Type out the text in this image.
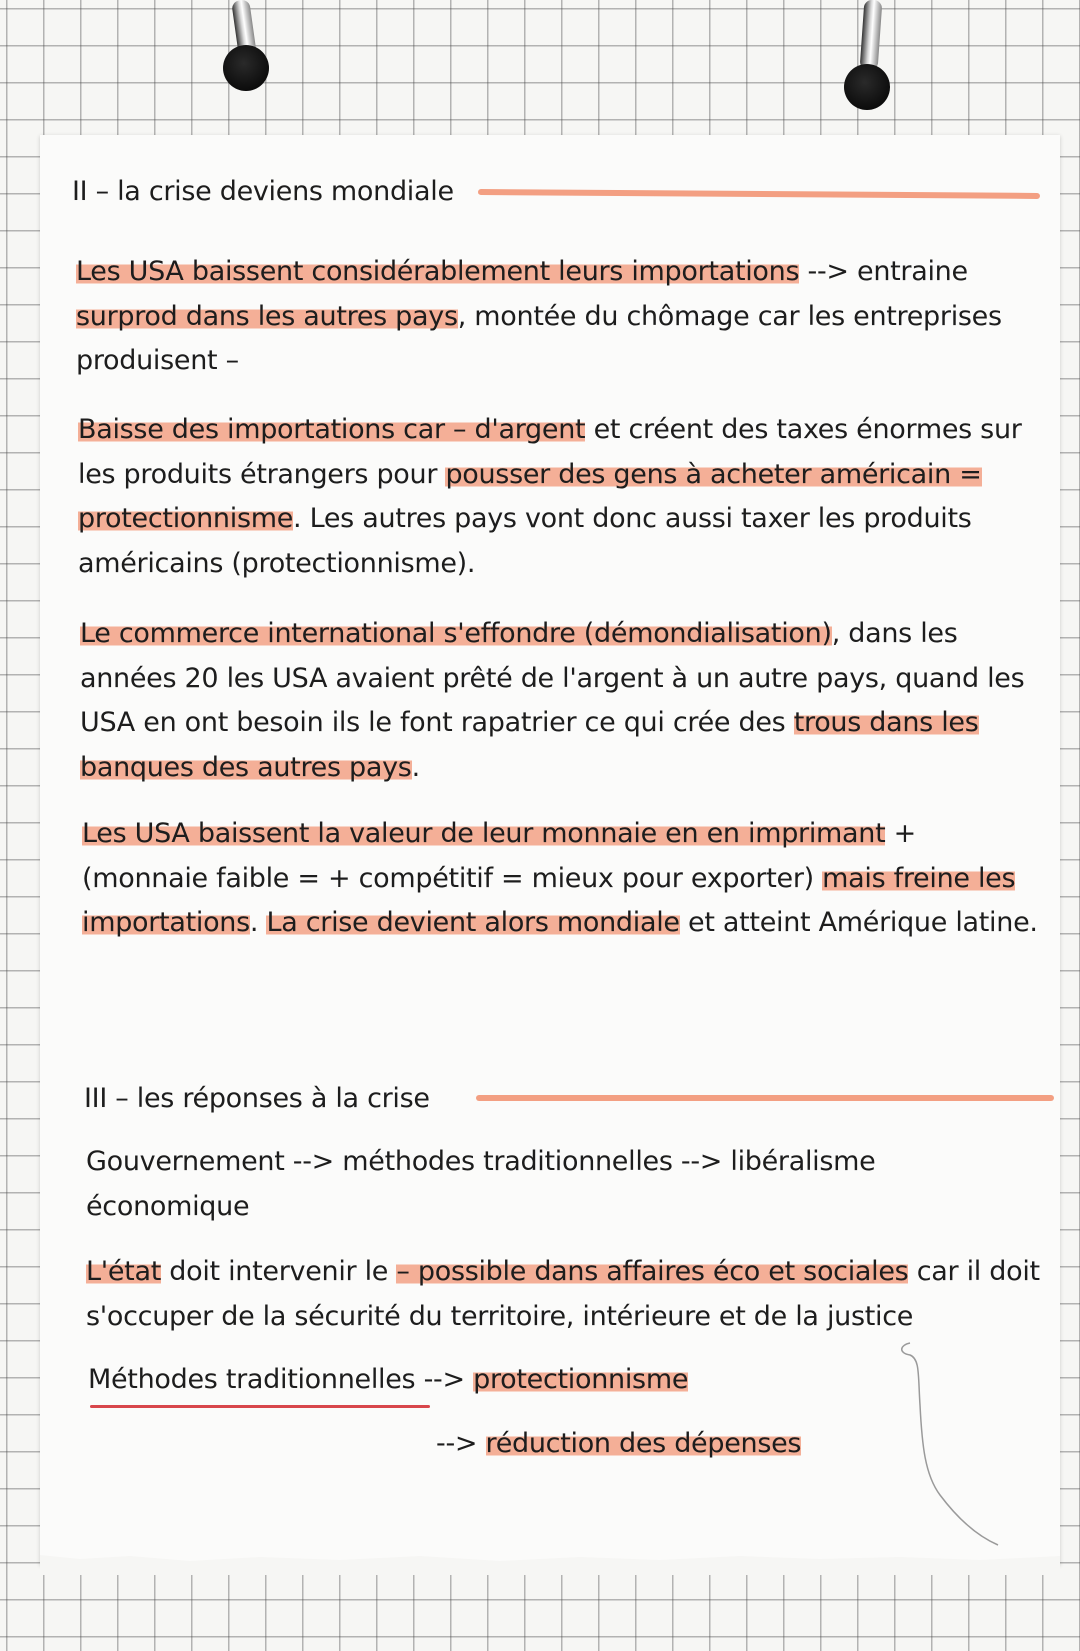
II – la crise deviens mondiale

Les USA baissent considérablement leurs importations --> entraine surprod dans les autres pays, montée du chômage car les entreprises produisent –

Baisse des importations car – d'argent et créent des taxes énormes sur les produits étrangers pour pousser des gens à acheter américain = protectionnisme. Les autres pays vont donc aussi taxer les produits américains (protectionnisme).

Le commerce international s'effondre (démondialisation), dans les années 20 les USA avaient prêté de l'argent à un autre pays, quand les USA en ont besoin ils le font rapatrier ce qui crée des trous dans les banques des autres pays.

Les USA baissent la valeur de leur monnaie en en imprimant + (monnaie faible = + compétitif = mieux pour exporter) mais freine les importations. La crise devient alors mondiale et atteint Amérique latine.

III – les réponses à la crise

Gouvernement --> méthodes traditionnelles --> libéralisme économique

L'état doit intervenir le – possible dans affaires éco et sociales car il doit s'occuper de la sécurité du territoire, intérieure et de la justice

Méthodes traditionnelles --> protectionnisme

--> réduction des dépenses
